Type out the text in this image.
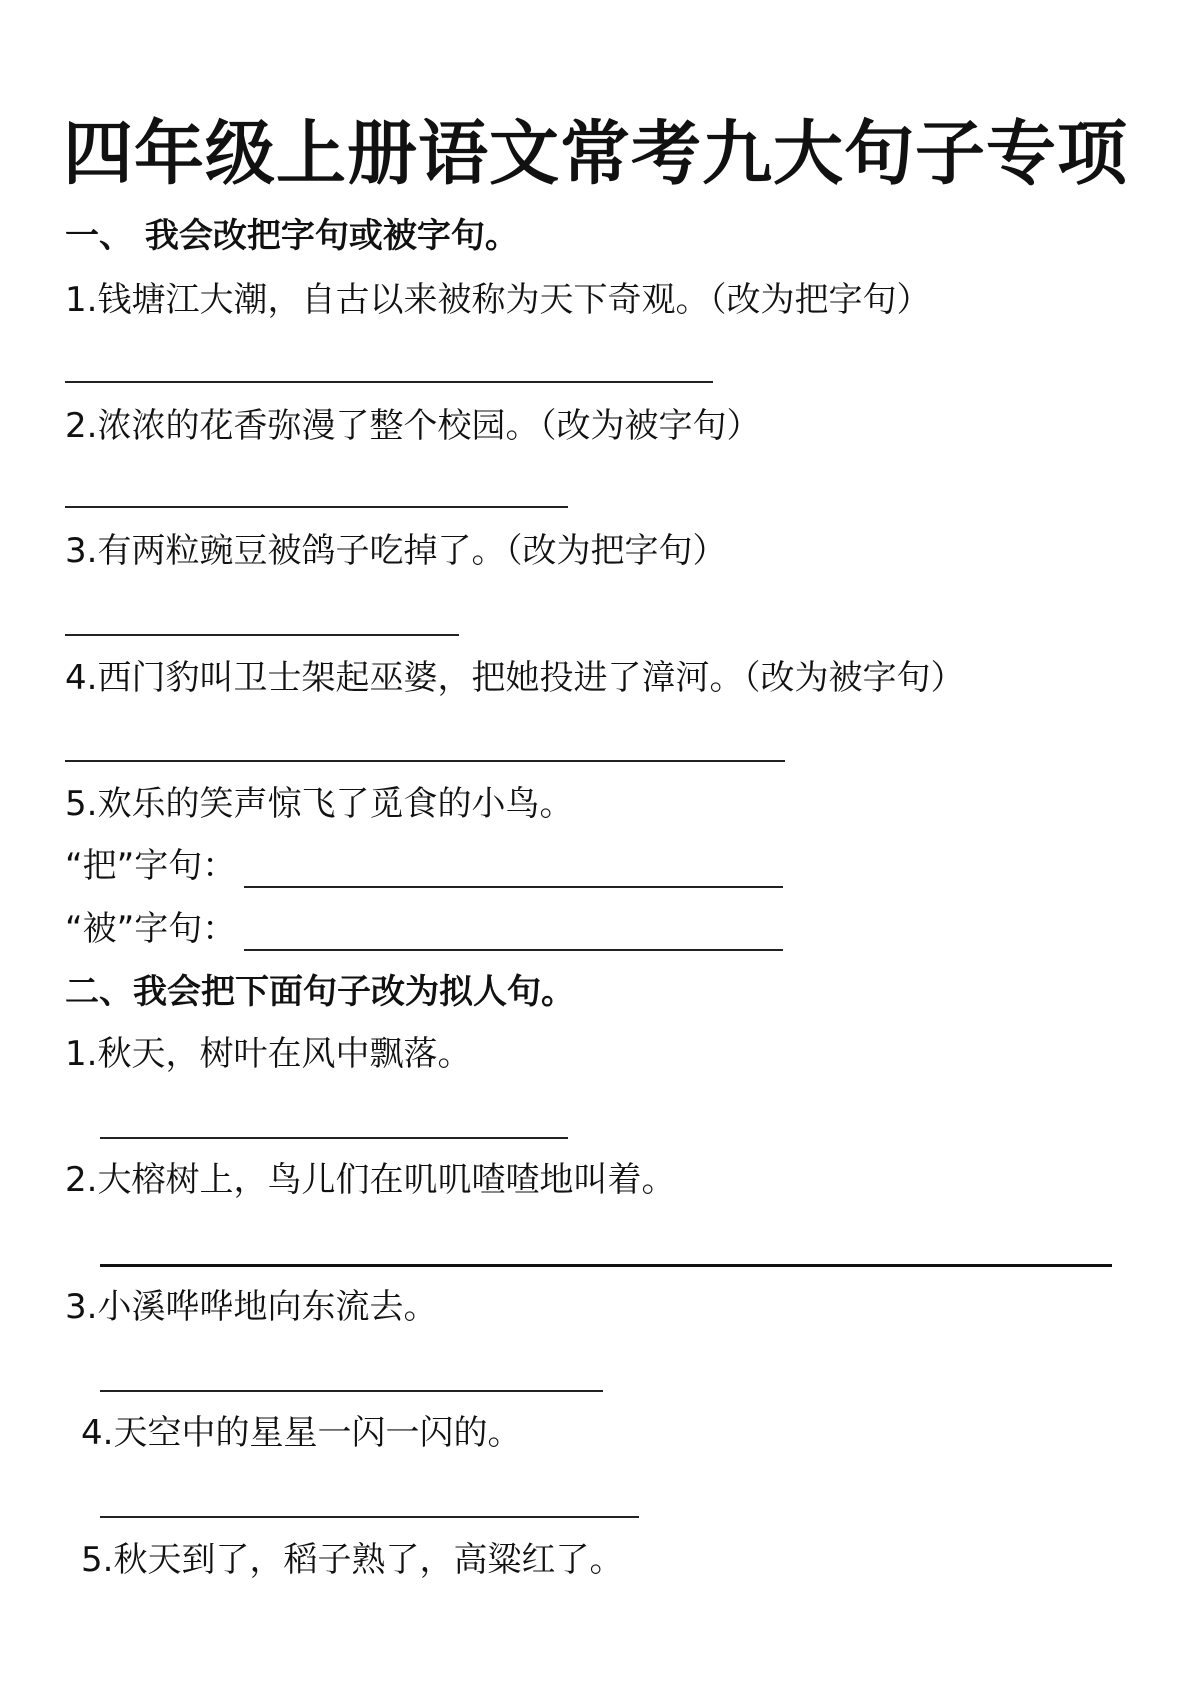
四年级上册语文常考九大句子专项
一、 我会改把字句或被字句。
1.钱塘江大潮，自古以来被称为天下奇观。（改为把字句）
2.浓浓的花香弥漫了整个校园。（改为被字句）
3.有两粒豌豆被鸽子吃掉了。（改为把字句）
4.西门豹叫卫士架起巫婆，把她投进了漳河。（改为被字句）
5.欢乐的笑声惊飞了觅食的小鸟。
“把”字句：
“被”字句：
二、我会把下面句子改为拟人句。
1.秋天，树叶在风中飘落。
2.大榕树上，鸟儿们在叽叽喳喳地叫着。
3.小溪哗哗地向东流去。
4.天空中的星星一闪一闪的。
5.秋天到了，稻子熟了，高粱红了。
